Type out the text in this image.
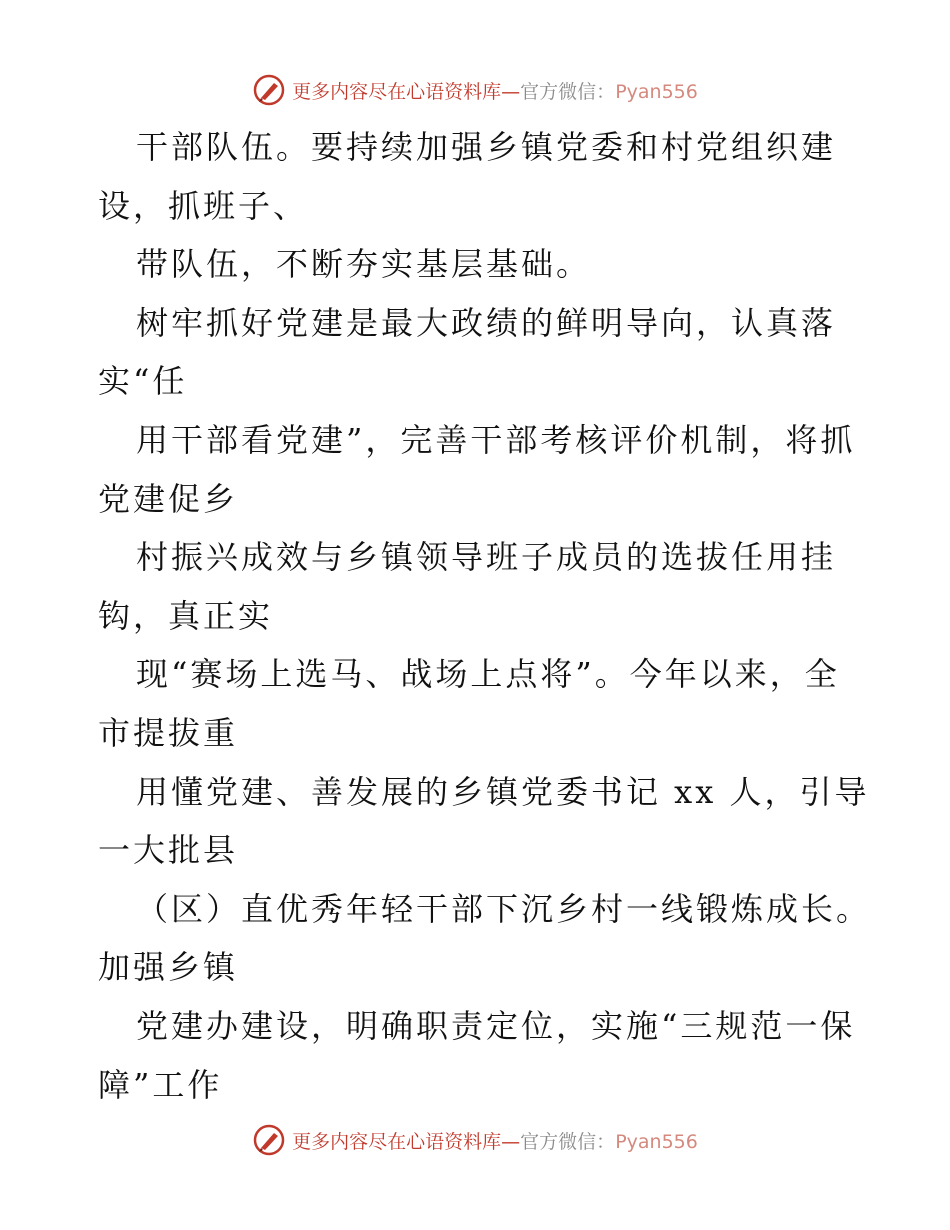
更多内容尽在心语资料库—官方微信：Pyan556
干部队伍。要持续加强乡镇党委和村党组织建
设，抓班子、
带队伍，不断夯实基层基础。
树牢抓好党建是最大政绩的鲜明导向，认真落
实“任
用干部看党建”，完善干部考核评价机制，将抓
党建促乡
村振兴成效与乡镇领导班子成员的选拔任用挂
钩，真正实
现“赛场上选马、战场上点将”。今年以来，全
市提拔重
用懂党建、善发展的乡镇党委书记 xx 人，引导
一大批县
（区）直优秀年轻干部下沉乡村一线锻炼成长。
加强乡镇
党建办建设，明确职责定位，实施“三规范一保
障”工作
更多内容尽在心语资料库—官方微信：Pyan556
